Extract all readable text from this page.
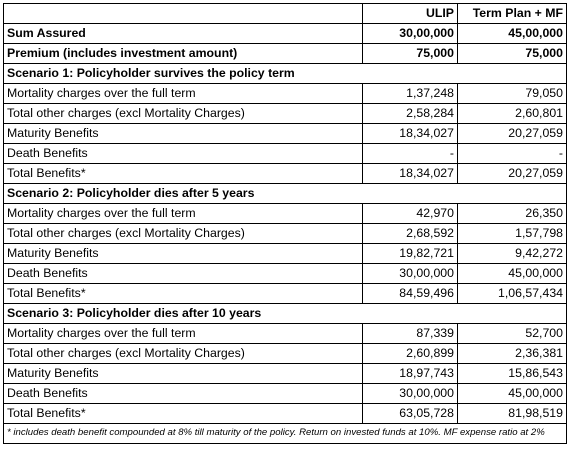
	ULIP	Term Plan + MF
Sum Assured	30,00,000	45,00,000
Premium (includes investment amount)	75,000	75,000
Scenario 1: Policyholder survives the policy term		
Mortality charges over the full term	1,37,248	79,050
Total other charges (excl Mortality Charges)	2,58,284	2,60,801
Maturity Benefits	18,34,027	20,27,059
Death Benefits	-	-
Total Benefits*	18,34,027	20,27,059
Scenario 2: Policyholder dies after 5 years		
Mortality charges over the full term	42,970	26,350
Total other charges (excl Mortality Charges)	2,68,592	1,57,798
Maturity Benefits	19,82,721	9,42,272
Death Benefits	30,00,000	45,00,000
Total Benefits*	84,59,496	1,06,57,434
Scenario 3: Policyholder dies after 10 years		
Mortality charges over the full term	87,339	52,700
Total other charges (excl Mortality Charges)	2,60,899	2,36,381
Maturity Benefits	18,97,743	15,86,543
Death Benefits	30,00,000	45,00,000
Total Benefits*	63,05,728	81,98,519
* includes death benefit compounded at 8% till maturity of the policy. Return on invested funds at 10%. MF expense ratio at 2%		
